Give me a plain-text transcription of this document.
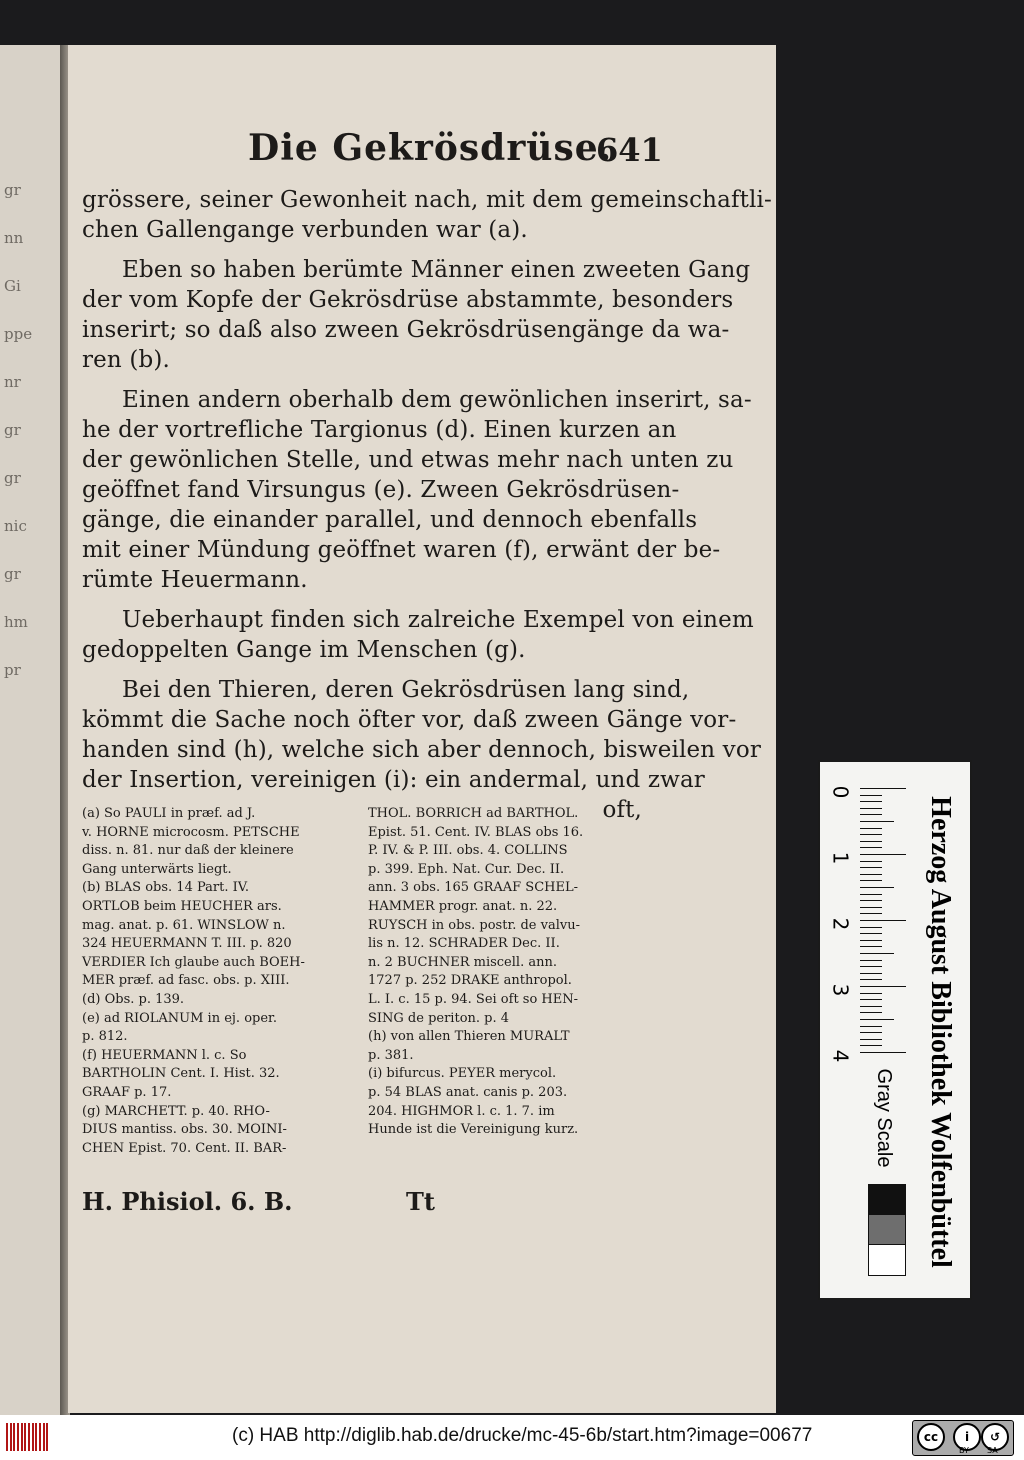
gr
nn
Gi
ppe
nr
gr
gr
nic
gr
hm
pr
Die Gekrösdrüse.
641
grössere, seiner Gewonheit nach, mit dem gemeinschaftli-
chen Gallengange verbunden war (a).
Eben so haben berümte Männer einen zweeten Gang
der vom Kopfe der Gekrösdrüse abstammte, besonders
inserirt; so daß also zween Gekrösdrüsengänge da wa-
ren (b).
Einen andern oberhalb dem gewönlichen inserirt, sa-
he der vortrefliche Targionus (d). Einen kurzen an
der gewönlichen Stelle, und etwas mehr nach unten zu
geöffnet fand Virsungus (e). Zween Gekrösdrüsen-
gänge, die einander parallel, und dennoch ebenfalls
mit einer Mündung geöffnet waren (f), erwänt der be-
rümte Heuermann.
Ueberhaupt finden sich zalreiche Exempel von einem
gedoppelten Gange im Menschen (g).
Bei den Thieren, deren Gekrösdrüsen lang sind,
kömmt die Sache noch öfter vor, daß zween Gänge vor-
handen sind (h), welche sich aber dennoch, bisweilen vor
der Insertion, vereinigen (i): ein andermal, und zwar
oft,
(a) So PAULI in præf. ad J.
v. HORNE microcosm. PETSCHE
diss. n. 81. nur daß der kleinere
Gang unterwärts liegt.
(b) BLAS obs. 14 Part. IV.
ORTLOB beim HEUCHER ars.
mag. anat. p. 61. WINSLOW n.
324 HEUERMANN T. III. p. 820
VERDIER Ich glaube auch BOEH-
MER præf. ad fasc. obs. p. XIII.
(d) Obs. p. 139.
(e) ad RIOLANUM in ej. oper.
p. 812.
(f) HEUERMANN l. c. So
BARTHOLIN Cent. I. Hist. 32.
GRAAF p. 17.
(g) MARCHETT. p. 40. RHO-
DIUS mantiss. obs. 30. MOINI-
CHEN Epist. 70. Cent. II. BAR-
THOL. BORRICH ad BARTHOL.
Epist. 51. Cent. IV. BLAS obs 16.
P. IV. & P. III. obs. 4. COLLINS
p. 399. Eph. Nat. Cur. Dec. II.
ann. 3 obs. 165 GRAAF SCHEL-
HAMMER progr. anat. n. 22.
RUYSCH in obs. postr. de valvu-
lis n. 12. SCHRADER Dec. II.
n. 2 BUCHNER miscell. ann.
1727 p. 252 DRAKE anthropol.
L. I. c. 15 p. 94. Sei oft so HEN-
SING de periton. p. 4
(h) von allen Thieren MURALT
p. 381.
(i) bifurcus. PEYER merycol.
p. 54 BLAS anat. canis p. 203.
204. HIGHMOR l. c. 1. 7. im
Hunde ist die Vereinigung kurz.
H. Phisiol. 6. B.	Tt
0
1
2
3
4	Herzog August Bibliothek Wolfenbüttel
Gray Scale
(c) HAB http://diglib.hab.de/drucke/mc-45-6b/start.htm?image=00677	cc	i	↺
BY SA
